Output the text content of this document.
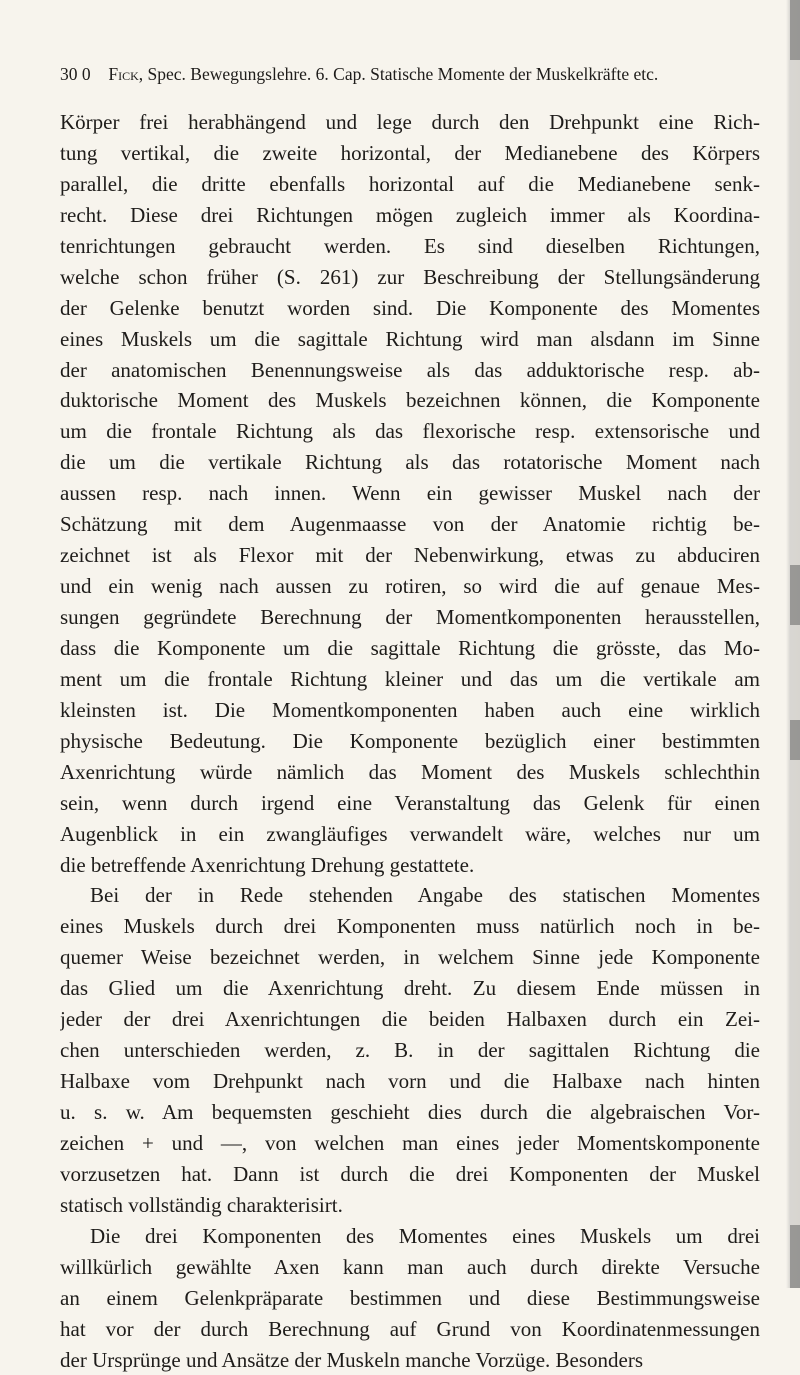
30 0 Fick, Spec. Bewegungslehre. 6. Cap. Statische Momente der Muskelkräfte etc.
Körper frei herabhängend und lege durch den Drehpunkt eine Rich-
tung vertikal, die zweite horizontal, der Medianebene des Körpers
parallel, die dritte ebenfalls horizontal auf die Medianebene senk-
recht. Diese drei Richtungen mögen zugleich immer als Koordina-
tenrichtungen gebraucht werden. Es sind dieselben Richtungen,
welche schon früher (S. 261) zur Beschreibung der Stellungsänderung
der Gelenke benutzt worden sind. Die Komponente des Momentes
eines Muskels um die sagittale Richtung wird man alsdann im Sinne
der anatomischen Benennungsweise als das adduktorische resp. ab-
duktorische Moment des Muskels bezeichnen können, die Komponente
um die frontale Richtung als das flexorische resp. extensorische und
die um die vertikale Richtung als das rotatorische Moment nach
aussen resp. nach innen. Wenn ein gewisser Muskel nach der
Schätzung mit dem Augenmaasse von der Anatomie richtig be-
zeichnet ist als Flexor mit der Nebenwirkung, etwas zu abduciren
und ein wenig nach aussen zu rotiren, so wird die auf genaue Mes-
sungen gegründete Berechnung der Momentkomponenten herausstellen,
dass die Komponente um die sagittale Richtung die grösste, das Mo-
ment um die frontale Richtung kleiner und das um die vertikale am
kleinsten ist. Die Momentkomponenten haben auch eine wirklich
physische Bedeutung. Die Komponente bezüglich einer bestimmten
Axenrichtung würde nämlich das Moment des Muskels schlechthin
sein, wenn durch irgend eine Veranstaltung das Gelenk für einen
Augenblick in ein zwangläufiges verwandelt wäre, welches nur um
die betreffende Axenrichtung Drehung gestattete.
Bei der in Rede stehenden Angabe des statischen Momentes
eines Muskels durch drei Komponenten muss natürlich noch in be-
quemer Weise bezeichnet werden, in welchem Sinne jede Komponente
das Glied um die Axenrichtung dreht. Zu diesem Ende müssen in
jeder der drei Axenrichtungen die beiden Halbaxen durch ein Zei-
chen unterschieden werden, z. B. in der sagittalen Richtung die
Halbaxe vom Drehpunkt nach vorn und die Halbaxe nach hinten
u. s. w. Am bequemsten geschieht dies durch die algebraischen Vor-
zeichen + und —, von welchen man eines jeder Momentskomponente
vorzusetzen hat. Dann ist durch die drei Komponenten der Muskel
statisch vollständig charakterisirt.
Die drei Komponenten des Momentes eines Muskels um drei
willkürlich gewählte Axen kann man auch durch direkte Versuche
an einem Gelenkpräparate bestimmen und diese Bestimmungsweise
hat vor der durch Berechnung auf Grund von Koordinatenmessungen
der Ursprünge und Ansätze der Muskeln manche Vorzüge. Besonders
